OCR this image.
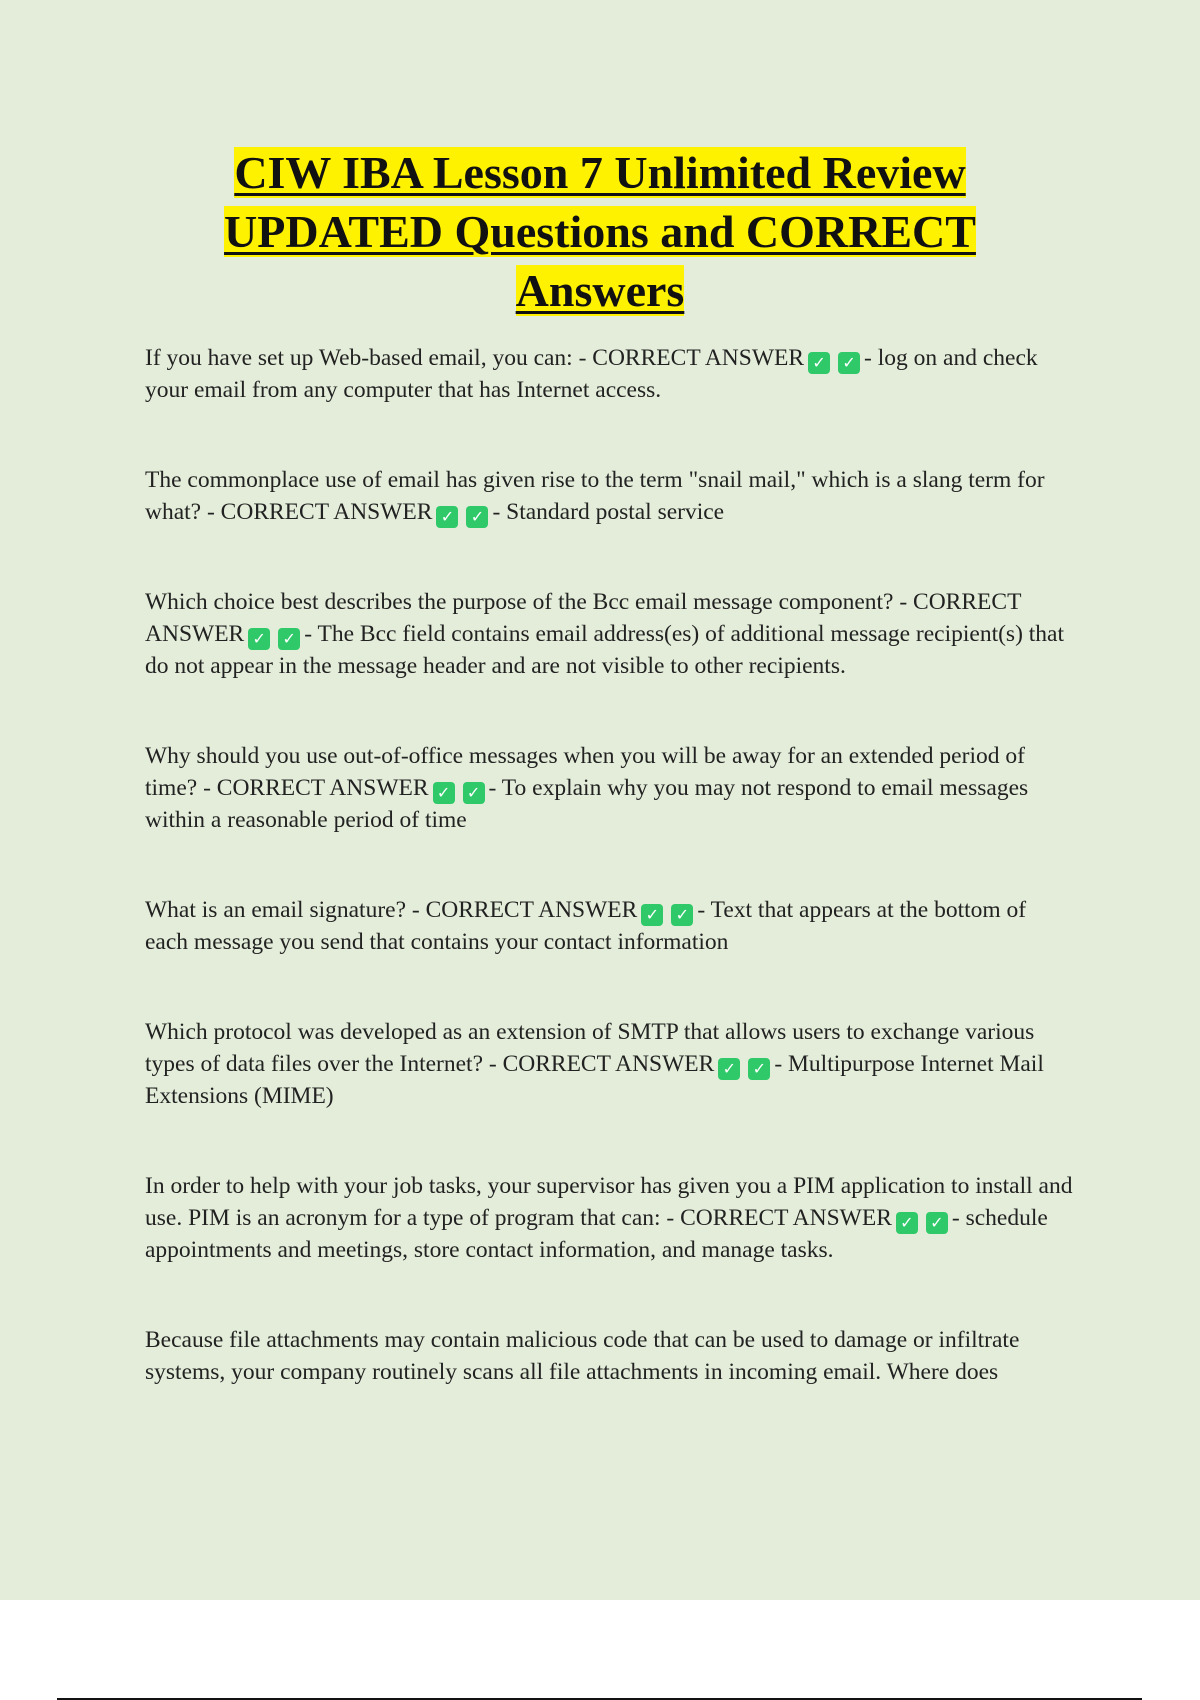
CIW IBA Lesson 7 Unlimited Review
UPDATED Questions and CORRECT
Answers

If you have set up Web-based email, you can: - CORRECT ANSWER ✓ ✓ - log on and check your email from any computer that has Internet access.

The commonplace use of email has given rise to the term "snail mail," which is a slang term for what? - CORRECT ANSWER ✓ ✓ - Standard postal service

Which choice best describes the purpose of the Bcc email message component? - CORRECT ANSWER ✓ ✓ - The Bcc field contains email address(es) of additional message recipient(s) that do not appear in the message header and are not visible to other recipients.

Why should you use out-of-office messages when you will be away for an extended period of time? - CORRECT ANSWER ✓ ✓ - To explain why you may not respond to email messages within a reasonable period of time

What is an email signature? - CORRECT ANSWER ✓ ✓ - Text that appears at the bottom of each message you send that contains your contact information

Which protocol was developed as an extension of SMTP that allows users to exchange various types of data files over the Internet? - CORRECT ANSWER ✓ ✓ - Multipurpose Internet Mail Extensions (MIME)

In order to help with your job tasks, your supervisor has given you a PIM application to install and use. PIM is an acronym for a type of program that can: - CORRECT ANSWER ✓ ✓ - schedule appointments and meetings, store contact information, and manage tasks.

Because file attachments may contain malicious code that can be used to damage or infiltrate systems, your company routinely scans all file attachments in incoming email. Where does
